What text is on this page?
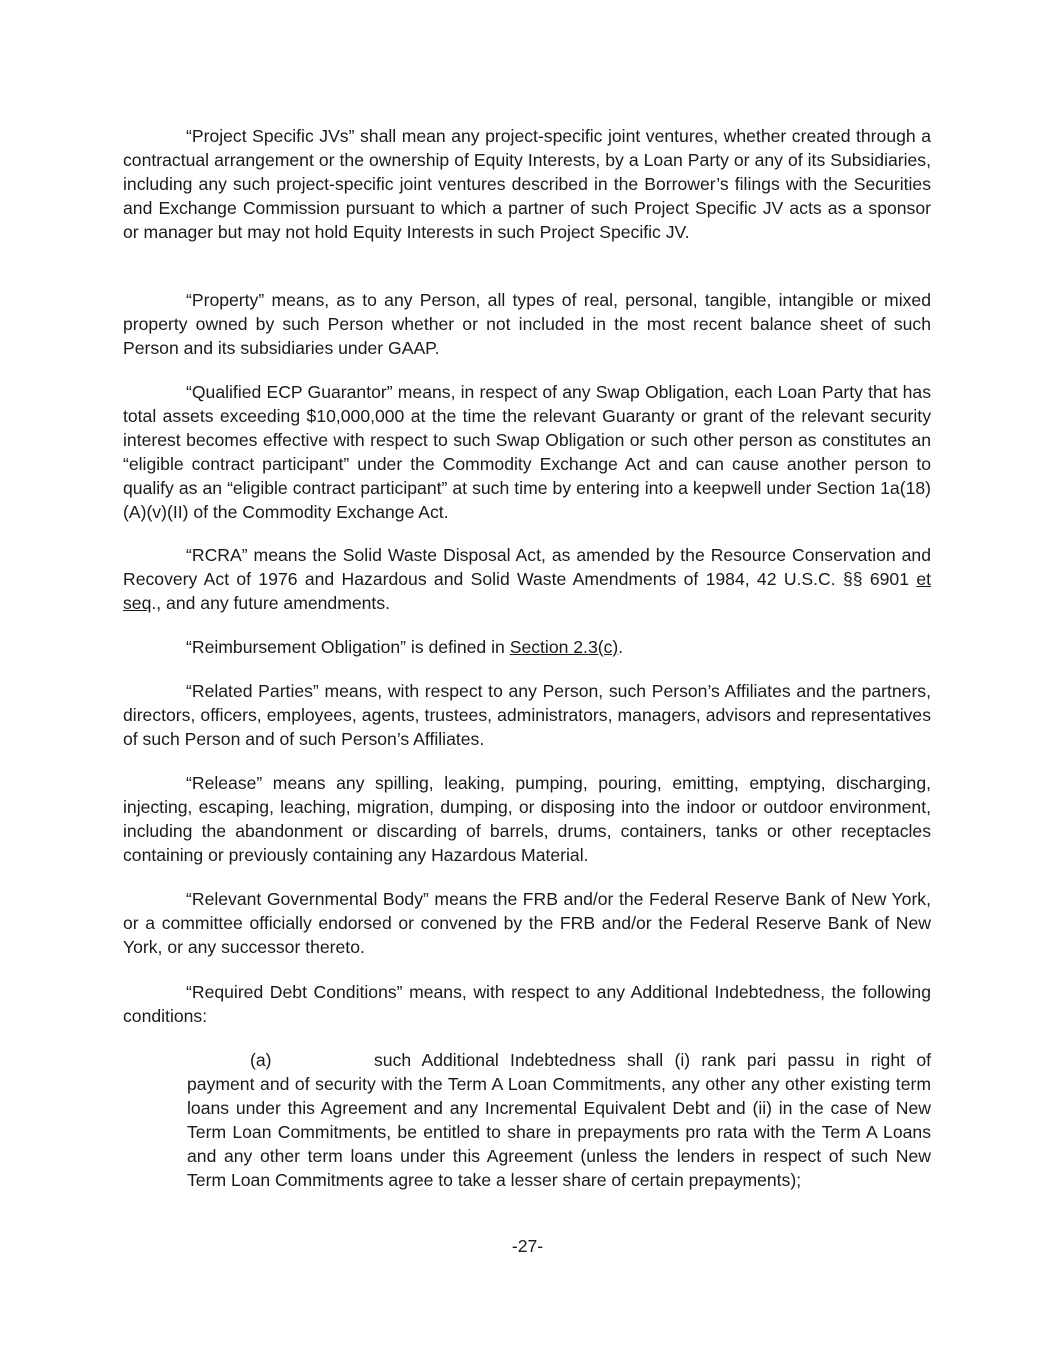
“Project Specific JVs” shall mean any project-specific joint ventures, whether created through a contractual arrangement or the ownership of Equity Interests, by a Loan Party or any of its Subsidiaries, including any such project-specific joint ventures described in the Borrower’s filings with the Securities and Exchange Commission pursuant to which a partner of such Project Specific JV acts as a sponsor or manager but may not hold Equity Interests in such Project Specific JV.

“Property” means, as to any Person, all types of real, personal, tangible, intangible or mixed property owned by such Person whether or not included in the most recent balance sheet of such Person and its subsidiaries under GAAP.

“Qualified ECP Guarantor” means, in respect of any Swap Obligation, each Loan Party that has total assets exceeding $10,000,000 at the time the relevant Guaranty or grant of the relevant security interest becomes effective with respect to such Swap Obligation or such other person as constitutes an “eligible contract participant” under the Commodity Exchange Act and can cause another person to qualify as an “eligible contract participant” at such time by entering into a keepwell under Section 1a(18)(A)(v)(II) of the Commodity Exchange Act.

“RCRA” means the Solid Waste Disposal Act, as amended by the Resource Conservation and Recovery Act of 1976 and Hazardous and Solid Waste Amendments of 1984, 42 U.S.C. §§ 6901 et seq., and any future amendments.

“Reimbursement Obligation” is defined in Section 2.3(c).

“Related Parties” means, with respect to any Person, such Person’s Affiliates and the partners, directors, officers, employees, agents, trustees, administrators, managers, advisors and representatives of such Person and of such Person’s Affiliates.

“Release” means any spilling, leaking, pumping, pouring, emitting, emptying, discharging, injecting, escaping, leaching, migration, dumping, or disposing into the indoor or outdoor environment, including the abandonment or discarding of barrels, drums, containers, tanks or other receptacles containing or previously containing any Hazardous Material.

“Relevant Governmental Body” means the FRB and/or the Federal Reserve Bank of New York, or a committee officially endorsed or convened by the FRB and/or the Federal Reserve Bank of New York, or any successor thereto.

“Required Debt Conditions” means, with respect to any Additional Indebtedness, the following conditions:

(a)	such Additional Indebtedness shall (i) rank pari passu in right of payment and of security with the Term A Loan Commitments, any other any other existing term loans under this Agreement and any Incremental Equivalent Debt and (ii) in the case of New Term Loan Commitments, be entitled to share in prepayments pro rata with the Term A Loans and any other term loans under this Agreement (unless the lenders in respect of such New Term Loan Commitments agree to take a lesser share of certain prepayments);

-27-
